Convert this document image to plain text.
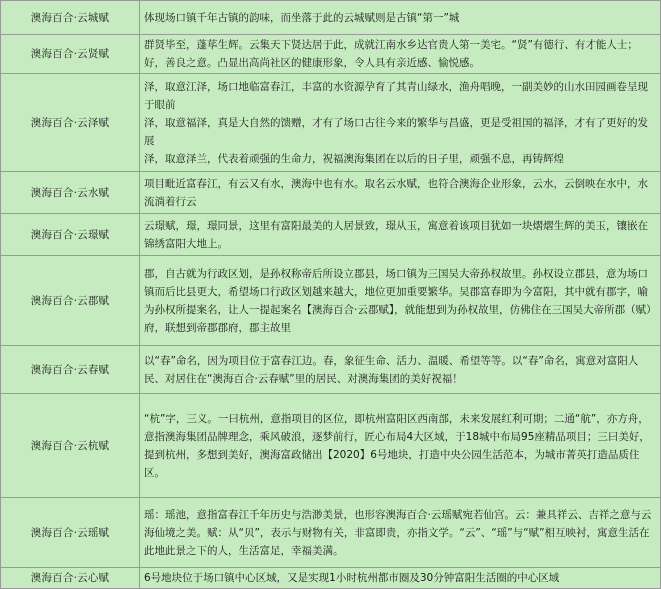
澳海百合·云城赋	体现场口镇千年古镇的韵味，而坐落于此的云城赋则是古镇“第一”城

澳海百合·云贤赋	群贤毕至，蓬荜生辉。云集天下贤达居于此，成就江南水乡达官贵人第一美宅。“贤”有德行、有才能人士；好，善良之意。凸显出高尚社区的健康形象，令人具有亲近感、愉悦感。

澳海百合·云泽赋	泽，取意江泽，场口地临富春江，丰富的水资源孕育了其青山绿水，渔舟唱晚，一副美妙的山水田园画卷呈现于眼前
泽，取意福泽，真是大自然的馈赠，才有了场口古往今来的繁华与昌盛，更是受祖国的福泽，才有了更好的发展
泽，取意泽兰，代表着顽强的生命力，祝福澳海集团在以后的日子里，顽强不息，再铸辉煌

澳海百合·云水赋	项目毗近富春江，有云又有水，澳海中也有水。取名云水赋，也符合澳海企业形象，云水，云倒映在水中，水流淌着行云

澳海百合·云璟赋	云璟赋，璟，璟同景，这里有富阳最美的人居景致，璟从玉，寓意着该项目犹如一块熠熠生辉的美玉，镶嵌在锦绣富阳大地上。

澳海百合·云郡赋	郡，自古就为行政区划，是孙权称帝后所设立郡县，场口镇为三国吴大帝孙权故里。孙权设立郡县，意为场口镇而后比县更大，希望场口行政区划越来越大，地位更加重要繁华。吴郡富春即为今富阳，其中就有郡字，喻为孙权所提案名，让人一提起案名【澳海百合·云郡赋】，就能想到为孙权故里，仿佛住在三国吴大帝所郡（赋）府，联想到帝郡郡府，郡主故里

澳海百合·云春赋	以“春”命名，因为项目位于富春江边。春，象征生命、活力、温暖、希望等等。以“春”命名，寓意对富阳人民、对居住在“澳海百合·云春赋”里的居民、对澳海集团的美好祝福！

澳海百合·云杭赋	“杭”字，三义。一曰杭州，意指项目的区位，即杭州富阳区西南部，未来发展红利可期；二通“航”，亦方舟，意指澳海集团品牌理念，乘风破浪，逐梦前行，匠心布局4大区域，于18城中布局95座精品项目；三曰美好，提到杭州，多想到美好，澳海富政储出【2020】6号地块，打造中央公园生活范本，为城市菁英打造品质住区。

澳海百合·云瑶赋	瑶：瑶池，意指富春江千年历史与浩渺美景，也形容澳海百合·云瑶赋宛若仙宫。云：兼具祥云、吉祥之意与云海仙境之美。赋：从“贝”，表示与财物有关，非富即贵，亦指文学。“云”、“瑶”与“赋”相互映衬，寓意生活在此地此景之下的人，生活富足，幸福美满。

澳海百合·云心赋	6号地块位于场口镇中心区域，又是实现1小时杭州都市圈及30分钟富阳生活圈的中心区域
